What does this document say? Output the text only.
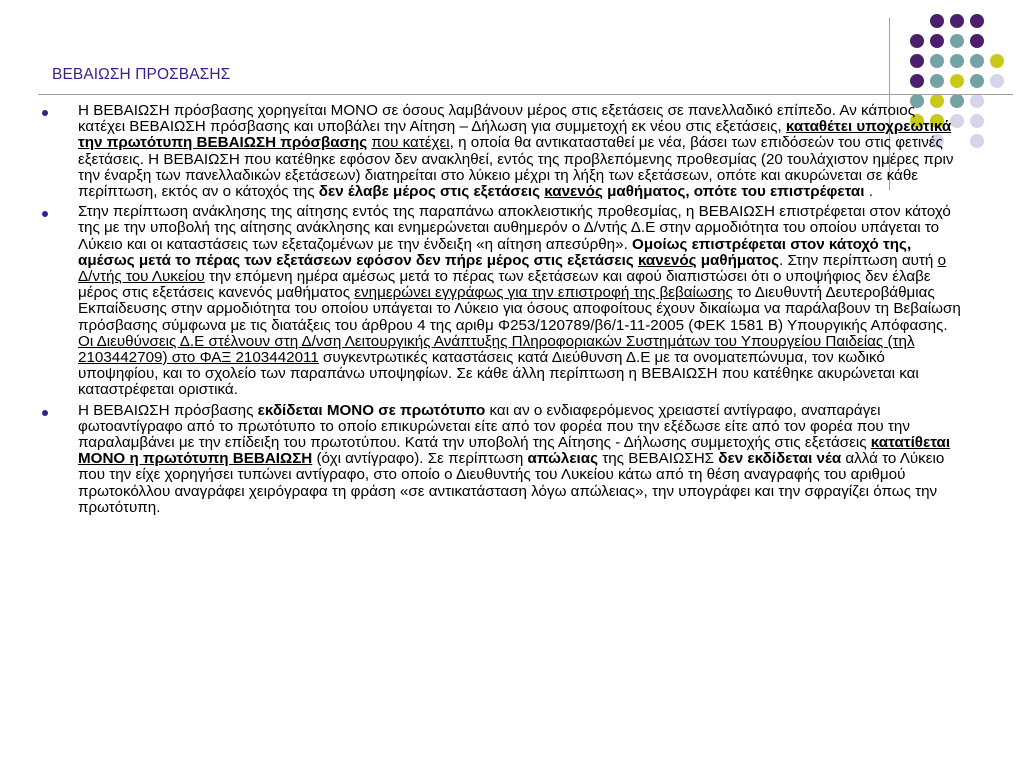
ΒΕΒΑΙΩΣΗ ΠΡΟΣΒΑΣΗΣ

Η ΒΕΒΑΙΩΣΗ πρόσβασης χορηγείται ΜΟΝΟ σε όσους λαμβάνουν μέρος στις εξετάσεις σε πανελλαδικό επίπεδο. Αν κάποιος κατέχει ΒΕΒΑΙΩΣΗ πρόσβασης και υποβάλει την Αίτηση – Δήλωση για συμμετοχή εκ νέου στις εξετάσεις, καταθέτει υποχρεωτικά την πρωτότυπη ΒΕΒΑΙΩΣΗ πρόσβασης που κατέχει, η οποία θα αντικατασταθεί με νέα, βάσει των επιδόσεών του στις φετινές εξετάσεις. Η ΒΕΒΑΙΩΣΗ που κατέθηκε εφόσον δεν ανακληθεί, εντός της προβλεπόμενης προθεσμίας (20 τουλάχιστον ημέρες πριν την έναρξη των πανελλαδικών εξετάσεων) διατηρείται στο λύκειο μέχρι τη λήξη των εξετάσεων, οπότε και ακυρώνεται σε κάθε περίπτωση, εκτός αν ο κάτοχός της δεν έλαβε μέρος στις εξετάσεις κανενός μαθήματος, οπότε του επιστρέφεται .

Στην περίπτωση ανάκλησης της αίτησης εντός της παραπάνω αποκλειστικής προθεσμίας, η ΒΕΒΑΙΩΣΗ επιστρέφεται στον κάτοχό της με την υποβολή της αίτησης ανάκλησης και ενημερώνεται αυθημερόν ο Δ/ντής Δ.Ε στην αρμοδιότητα του οποίου υπάγεται το Λύκειο και οι καταστάσεις των εξεταζομένων με την ένδειξη «η αίτηση απεσύρθη». Ομοίως επιστρέφεται στον κάτοχό της, αμέσως μετά το πέρας των εξετάσεων εφόσον δεν πήρε μέρος στις εξετάσεις κανενός μαθήματος. Στην περίπτωση αυτή ο Δ/ντής του Λυκείου την επόμενη ημέρα αμέσως μετά το πέρας των εξετάσεων και αφού διαπιστώσει ότι ο υποψήφιος δεν έλαβε μέρος στις εξετάσεις κανενός μαθήματος ενημερώνει εγγράφως για την επιστροφή της βεβαίωσης το Διευθυντή Δευτεροβάθμιας Εκπαίδευσης στην αρμοδιότητα του οποίου υπάγεται το Λύκειο για όσους αποφοίτους έχουν δικαίωμα να παράλαβουν τη Βεβαίωση πρόσβασης σύμφωνα με τις διατάξεις του άρθρου 4 της αριθμ Φ253/120789/β6/1-11-2005 (ΦΕΚ 1581 Β) Υπουργικής Απόφασης. Οι Διευθύνσεις Δ.Ε στέλνουν στη Δ/νση Λειτουργικής Ανάπτυξης Πληροφοριακών Συστημάτων του Υπουργείου Παιδείας (τηλ 2103442709) στο ΦΑΞ 2103442011 συγκεντρωτικές καταστάσεις κατά Διεύθυνση Δ.Ε με τα ονοματεπώνυμα, τον κωδικό υποψηφίου, και το σχολείο των παραπάνω υποψηφίων. Σε κάθε άλλη περίπτωση η ΒΕΒΑΙΩΣΗ που κατέθηκε ακυρώνεται και καταστρέφεται οριστικά.

Η ΒΕΒΑΙΩΣΗ πρόσβασης εκδίδεται ΜΟΝΟ σε πρωτότυπο και αν ο ενδιαφερόμενος χρειαστεί αντίγραφο, αναπαράγει φωτοαντίγραφο από το πρωτότυπο το οποίο επικυρώνεται είτε από τον φορέα που την εξέδωσε είτε από τον φορέα που την παραλαμβάνει με την επίδειξη του πρωτοτύπου. Κατά την υποβολή της Αίτησης - Δήλωσης συμμετοχής στις εξετάσεις κατατίθεται ΜΟΝΟ η πρωτότυπη ΒΕΒΑΙΩΣΗ (όχι αντίγραφο). Σε περίπτωση απώλειας της ΒΕΒΑΙΩΣΗΣ δεν εκδίδεται νέα αλλά το Λύκειο που την είχε χορηγήσει τυπώνει αντίγραφο, στο οποίο ο Διευθυντής του Λυκείου κάτω από τη θέση αναγραφής του αριθμού πρωτοκόλλου αναγράφει χειρόγραφα τη φράση «σε αντικατάσταση λόγω απώλειας», την υπογράφει και την σφραγίζει όπως την πρωτότυπη.
